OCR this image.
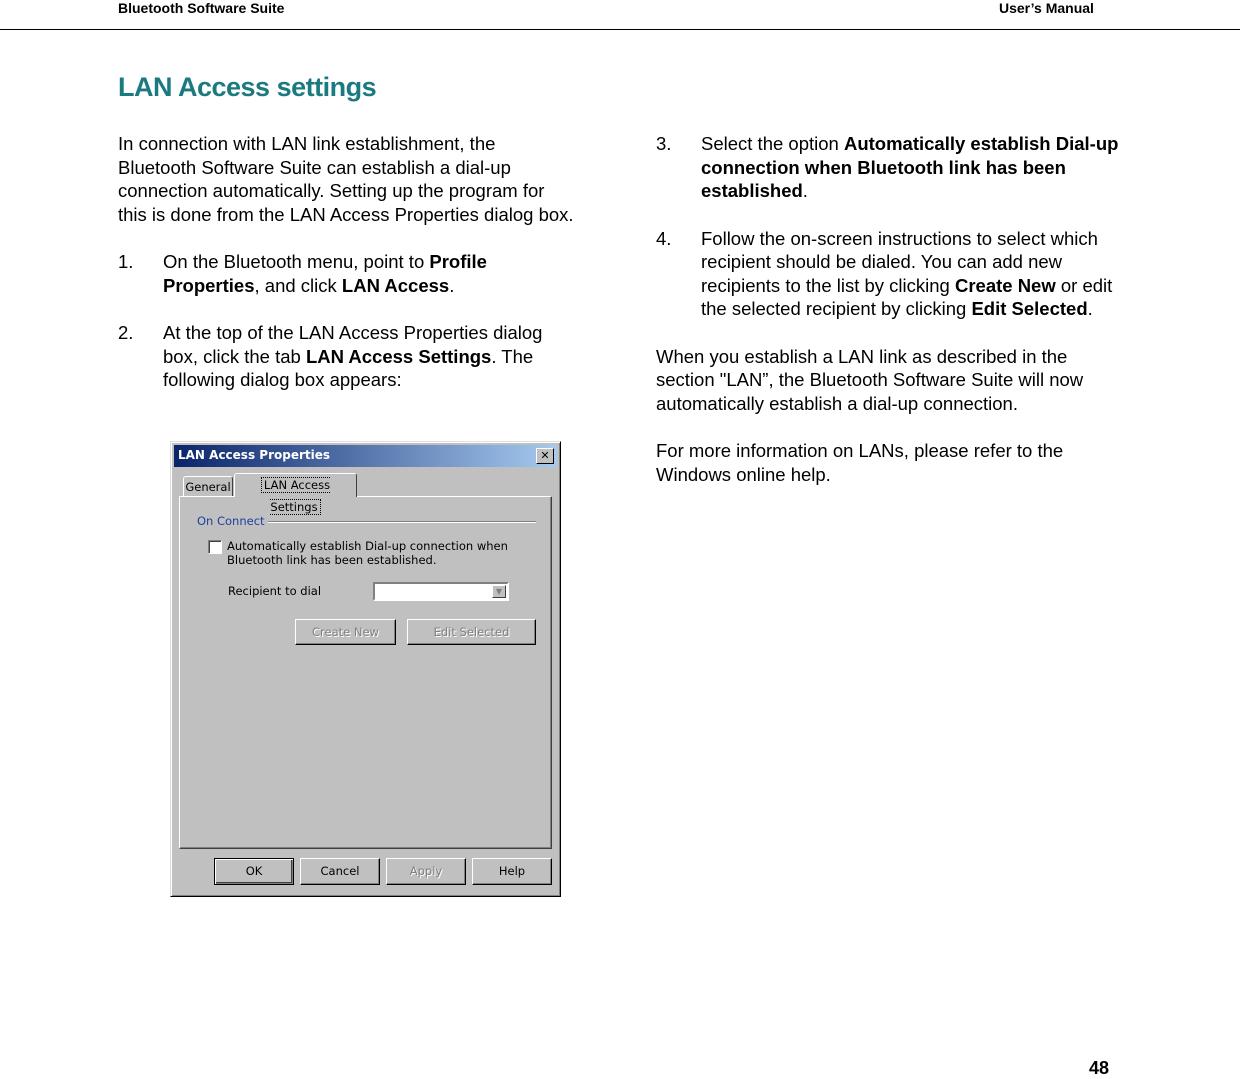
Bluetooth Software Suite	User’s Manual
LAN Access settings

In connection with LAN link establishment, the Bluetooth Software Suite can establish a dial-up connection automatically. Setting up the program for this is done from the LAN Access Properties dialog box.

1. On the Bluetooth menu, point to Profile Properties, and click LAN Access.
2. At the top of the LAN Access Properties dialog box, click the tab LAN Access Settings. The following dialog box appears:
LAN Access Properties	✕
General	LAN Access Settings
On Connect
Automatically establish Dial-up connection when Bluetooth link has been established.
Recipient to dial	▼
Create New	Edit Selected
OK	Cancel	Apply	Help
3. Select the option Automatically establish Dial-up connection when Bluetooth link has been established.
4. Follow the on-screen instructions to select which recipient should be dialed. You can add new recipients to the list by clicking Create New or edit the selected recipient by clicking Edit Selected.

When you establish a LAN link as described in the section "LAN”, the Bluetooth Software Suite will now automatically establish a dial-up connection.

For more information on LANs, please refer to the Windows online help.

48
